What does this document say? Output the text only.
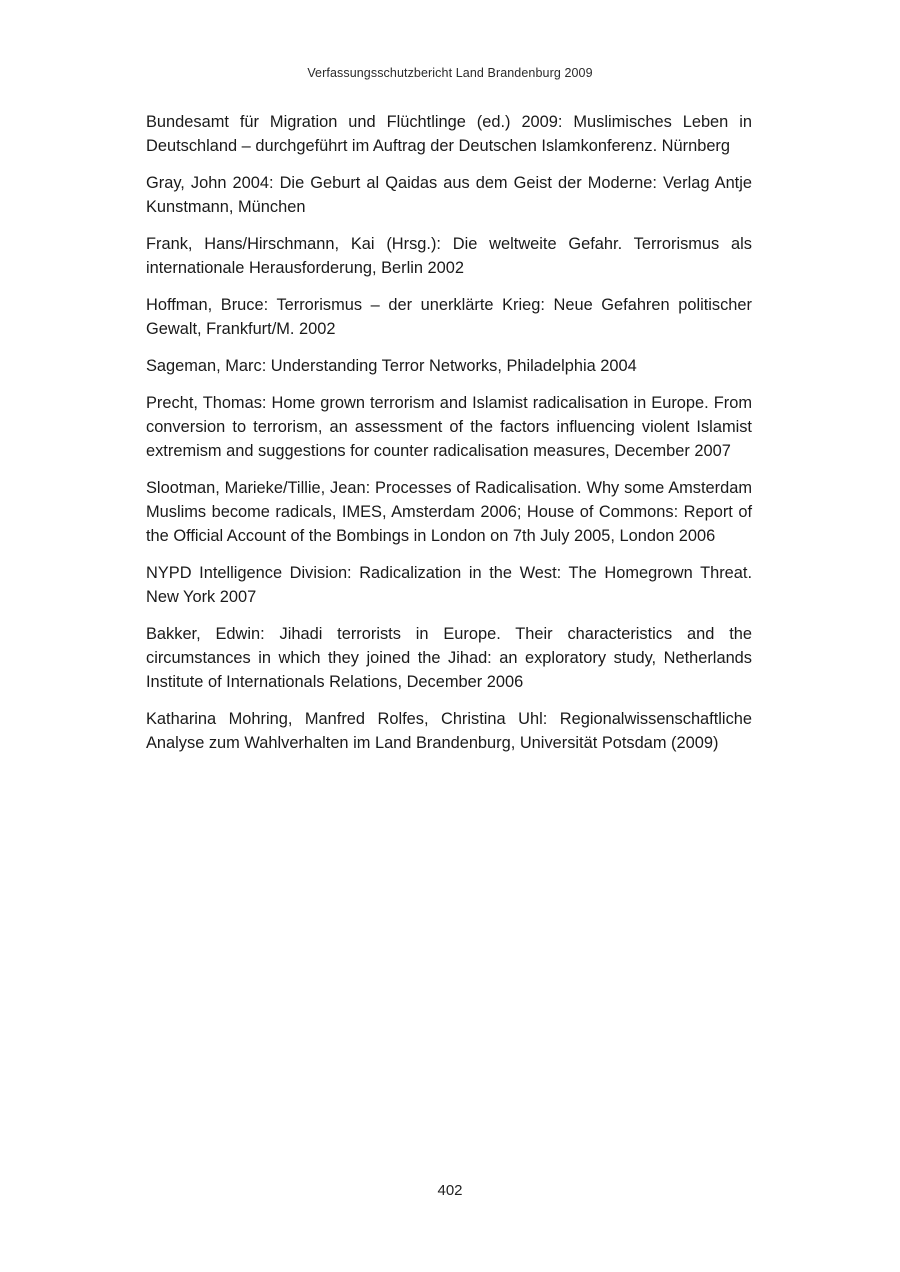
Verfassungsschutzbericht Land Brandenburg 2009

Bundesamt für Migration und Flüchtlinge (ed.) 2009: Muslimisches Leben in Deutschland – durchgeführt im Auftrag der Deutschen Islamkonferenz. Nürnberg

Gray, John 2004: Die Geburt al Qaidas aus dem Geist der Moderne: Verlag Antje Kunstmann, München

Frank, Hans/Hirschmann, Kai (Hrsg.): Die weltweite Gefahr. Terrorismus als internationale Herausforderung, Berlin 2002

Hoffman, Bruce: Terrorismus – der unerklärte Krieg: Neue Gefahren politischer Gewalt, Frankfurt/M. 2002

Sageman, Marc: Understanding Terror Networks, Philadelphia 2004

Precht, Thomas: Home grown terrorism and Islamist radicalisation in Europe. From conversion to terrorism, an assessment of the factors influencing violent Islamist extremism and suggestions for counter radicalisation measures, December 2007

Slootman, Marieke/Tillie, Jean: Processes of Radicalisation. Why some Amsterdam Muslims become radicals, IMES, Amsterdam 2006; House of Commons: Report of the Official Account of the Bombings in London on 7th July 2005, London 2006

NYPD Intelligence Division: Radicalization in the West: The Homegrown Threat. New York 2007

Bakker, Edwin: Jihadi terrorists in Europe. Their characteristics and the circumstances in which they joined the Jihad: an exploratory study, Netherlands Institute of Internationals Relations, December 2006

Katharina Mohring, Manfred Rolfes, Christina Uhl: Regionalwissenschaftliche Analyse zum Wahlverhalten im Land Brandenburg, Universität Potsdam (2009)

402
